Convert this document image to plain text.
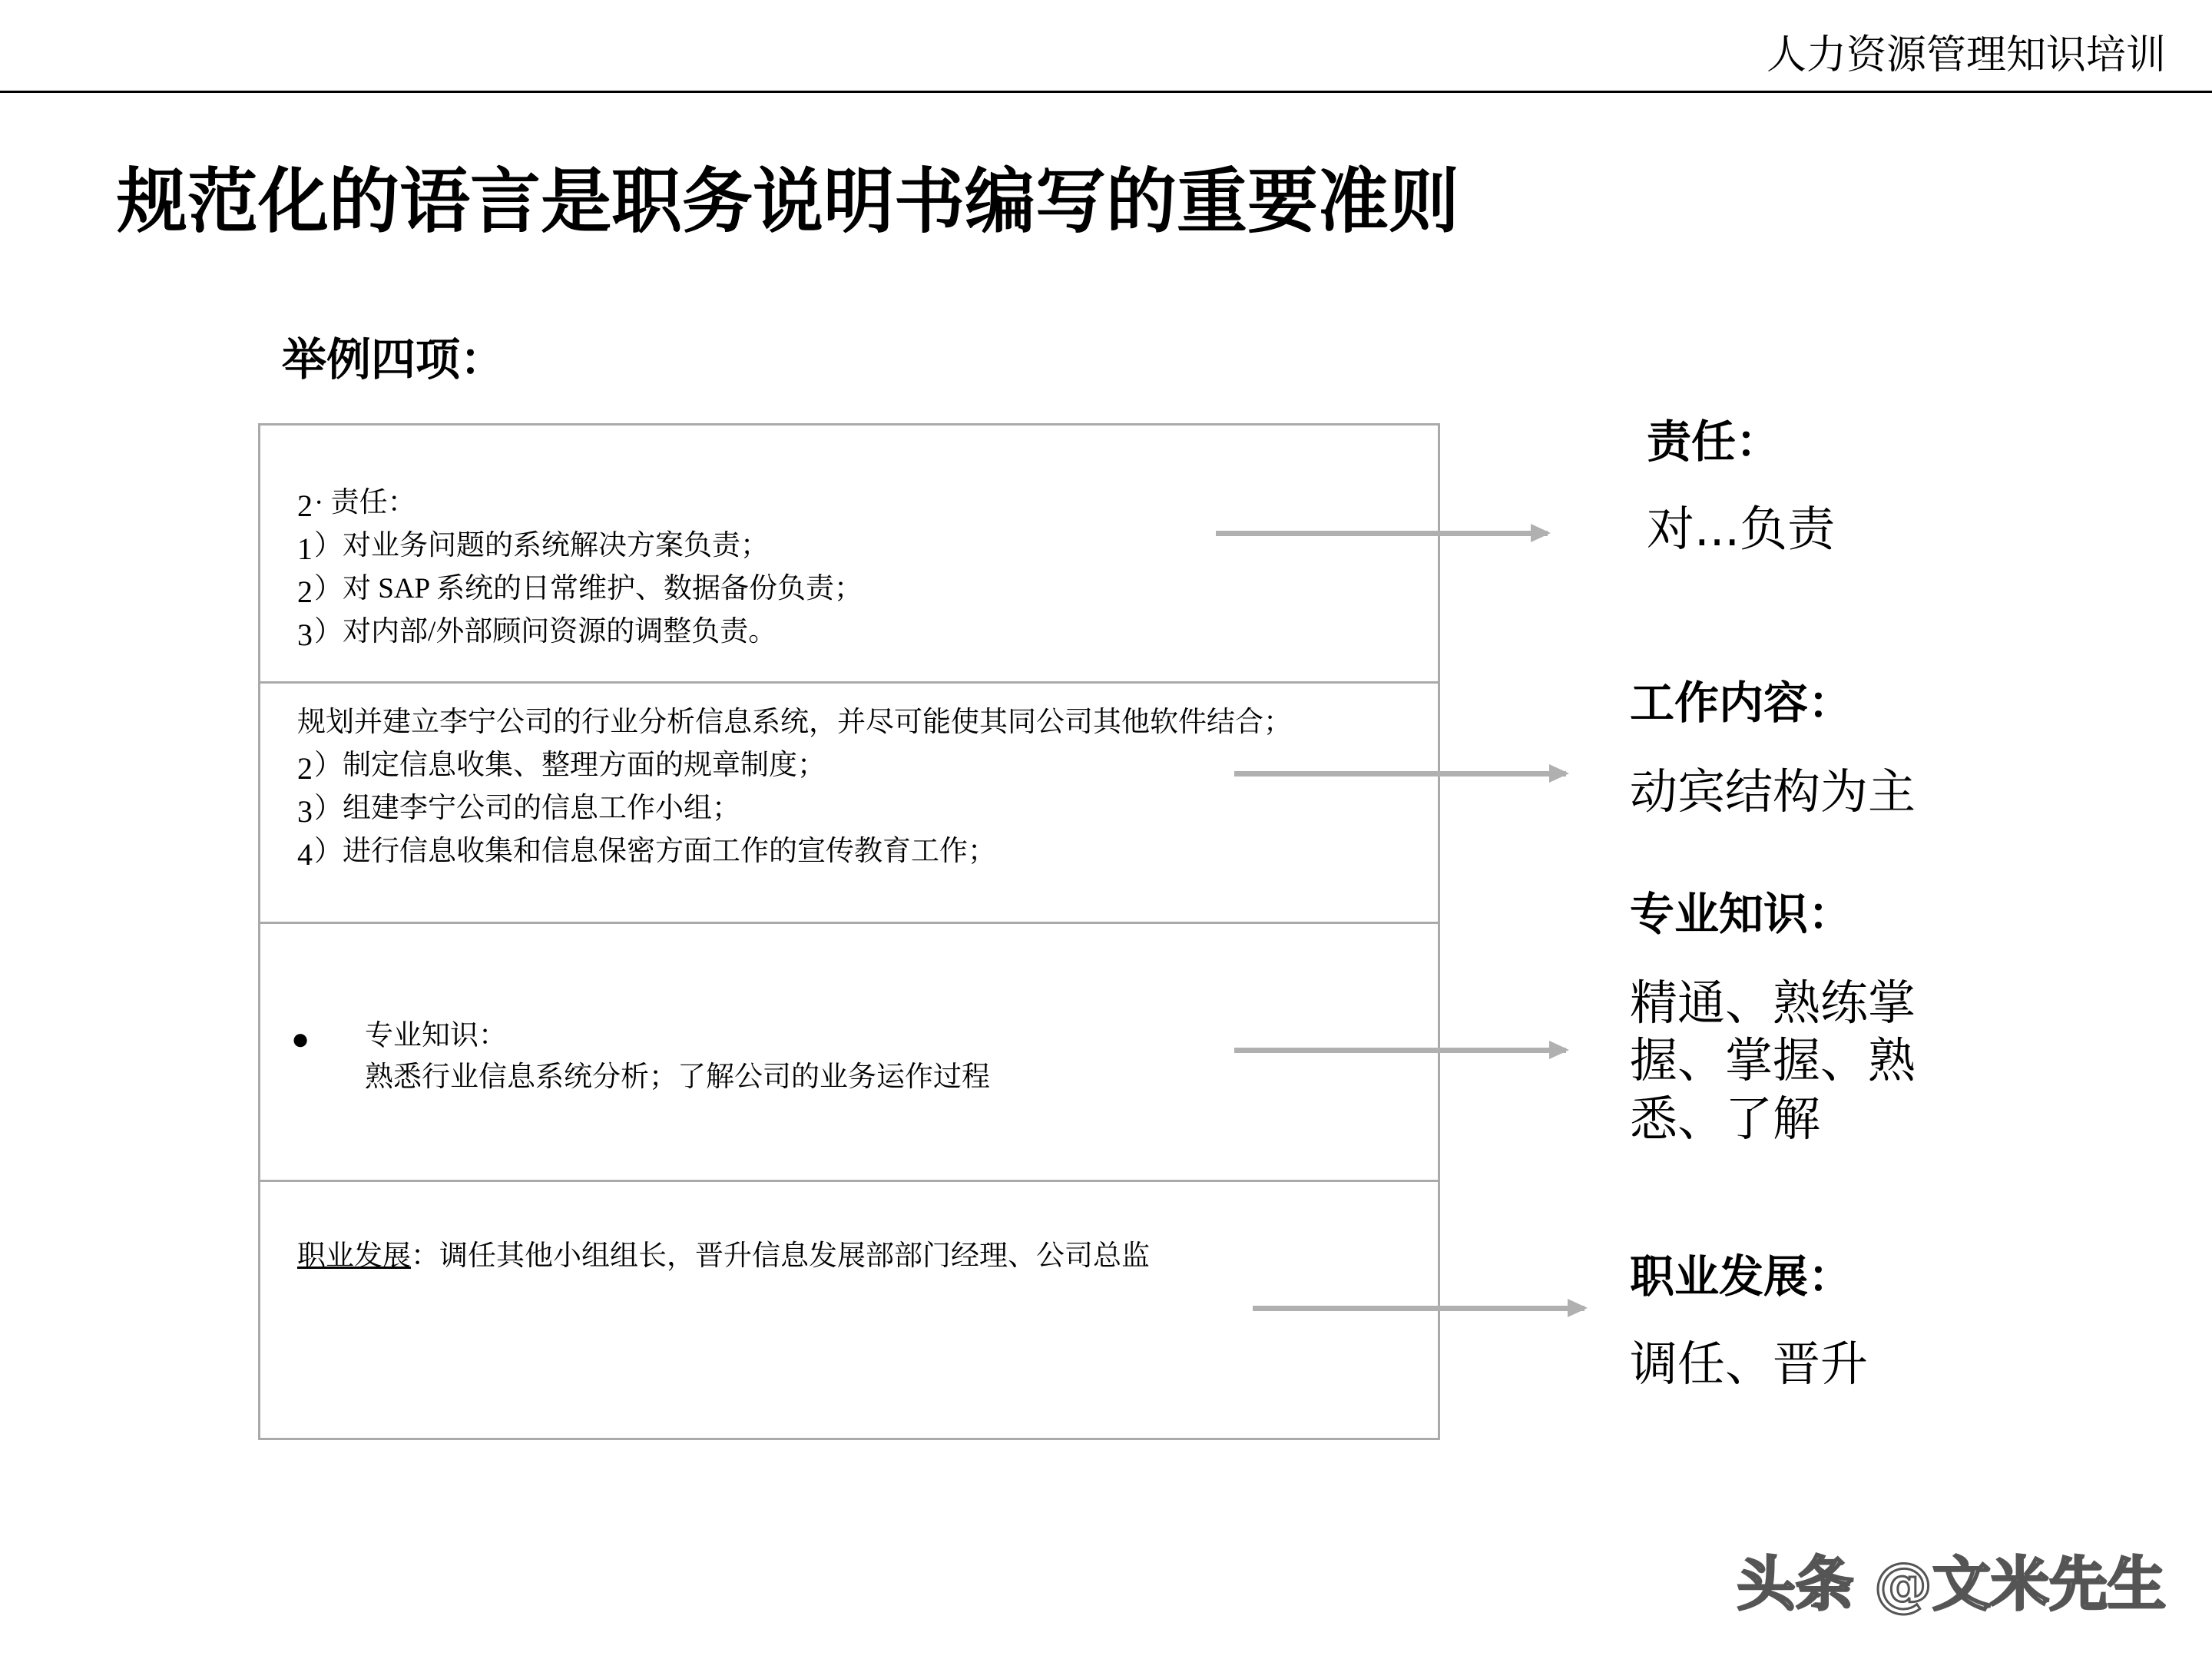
人力资源管理知识培训
规范化的语言是职务说明书编写的重要准则
举例四项：
2· 责任：
1）对业务问题的系统解决方案负责；
2）对 SAP 系统的日常维护、数据备份负责；
3）对内部/外部顾问资源的调整负责。
规划并建立李宁公司的行业分析信息系统，并尽可能使其同公司其他软件结合；
2）制定信息收集、整理方面的规章制度；
3）组建李宁公司的信息工作小组；
4）进行信息收集和信息保密方面工作的宣传教育工作；
● 专业知识：
熟悉行业信息系统分析；了解公司的业务运作过程
职业发展：调任其他小组组长，晋升信息发展部部门经理、公司总监
责任：
对...负责
工作内容：
动宾结构为主
专业知识：
精通、熟练掌
握、掌握、熟
悉、了解
职业发展：
调任、晋升
头条 @文米先生
